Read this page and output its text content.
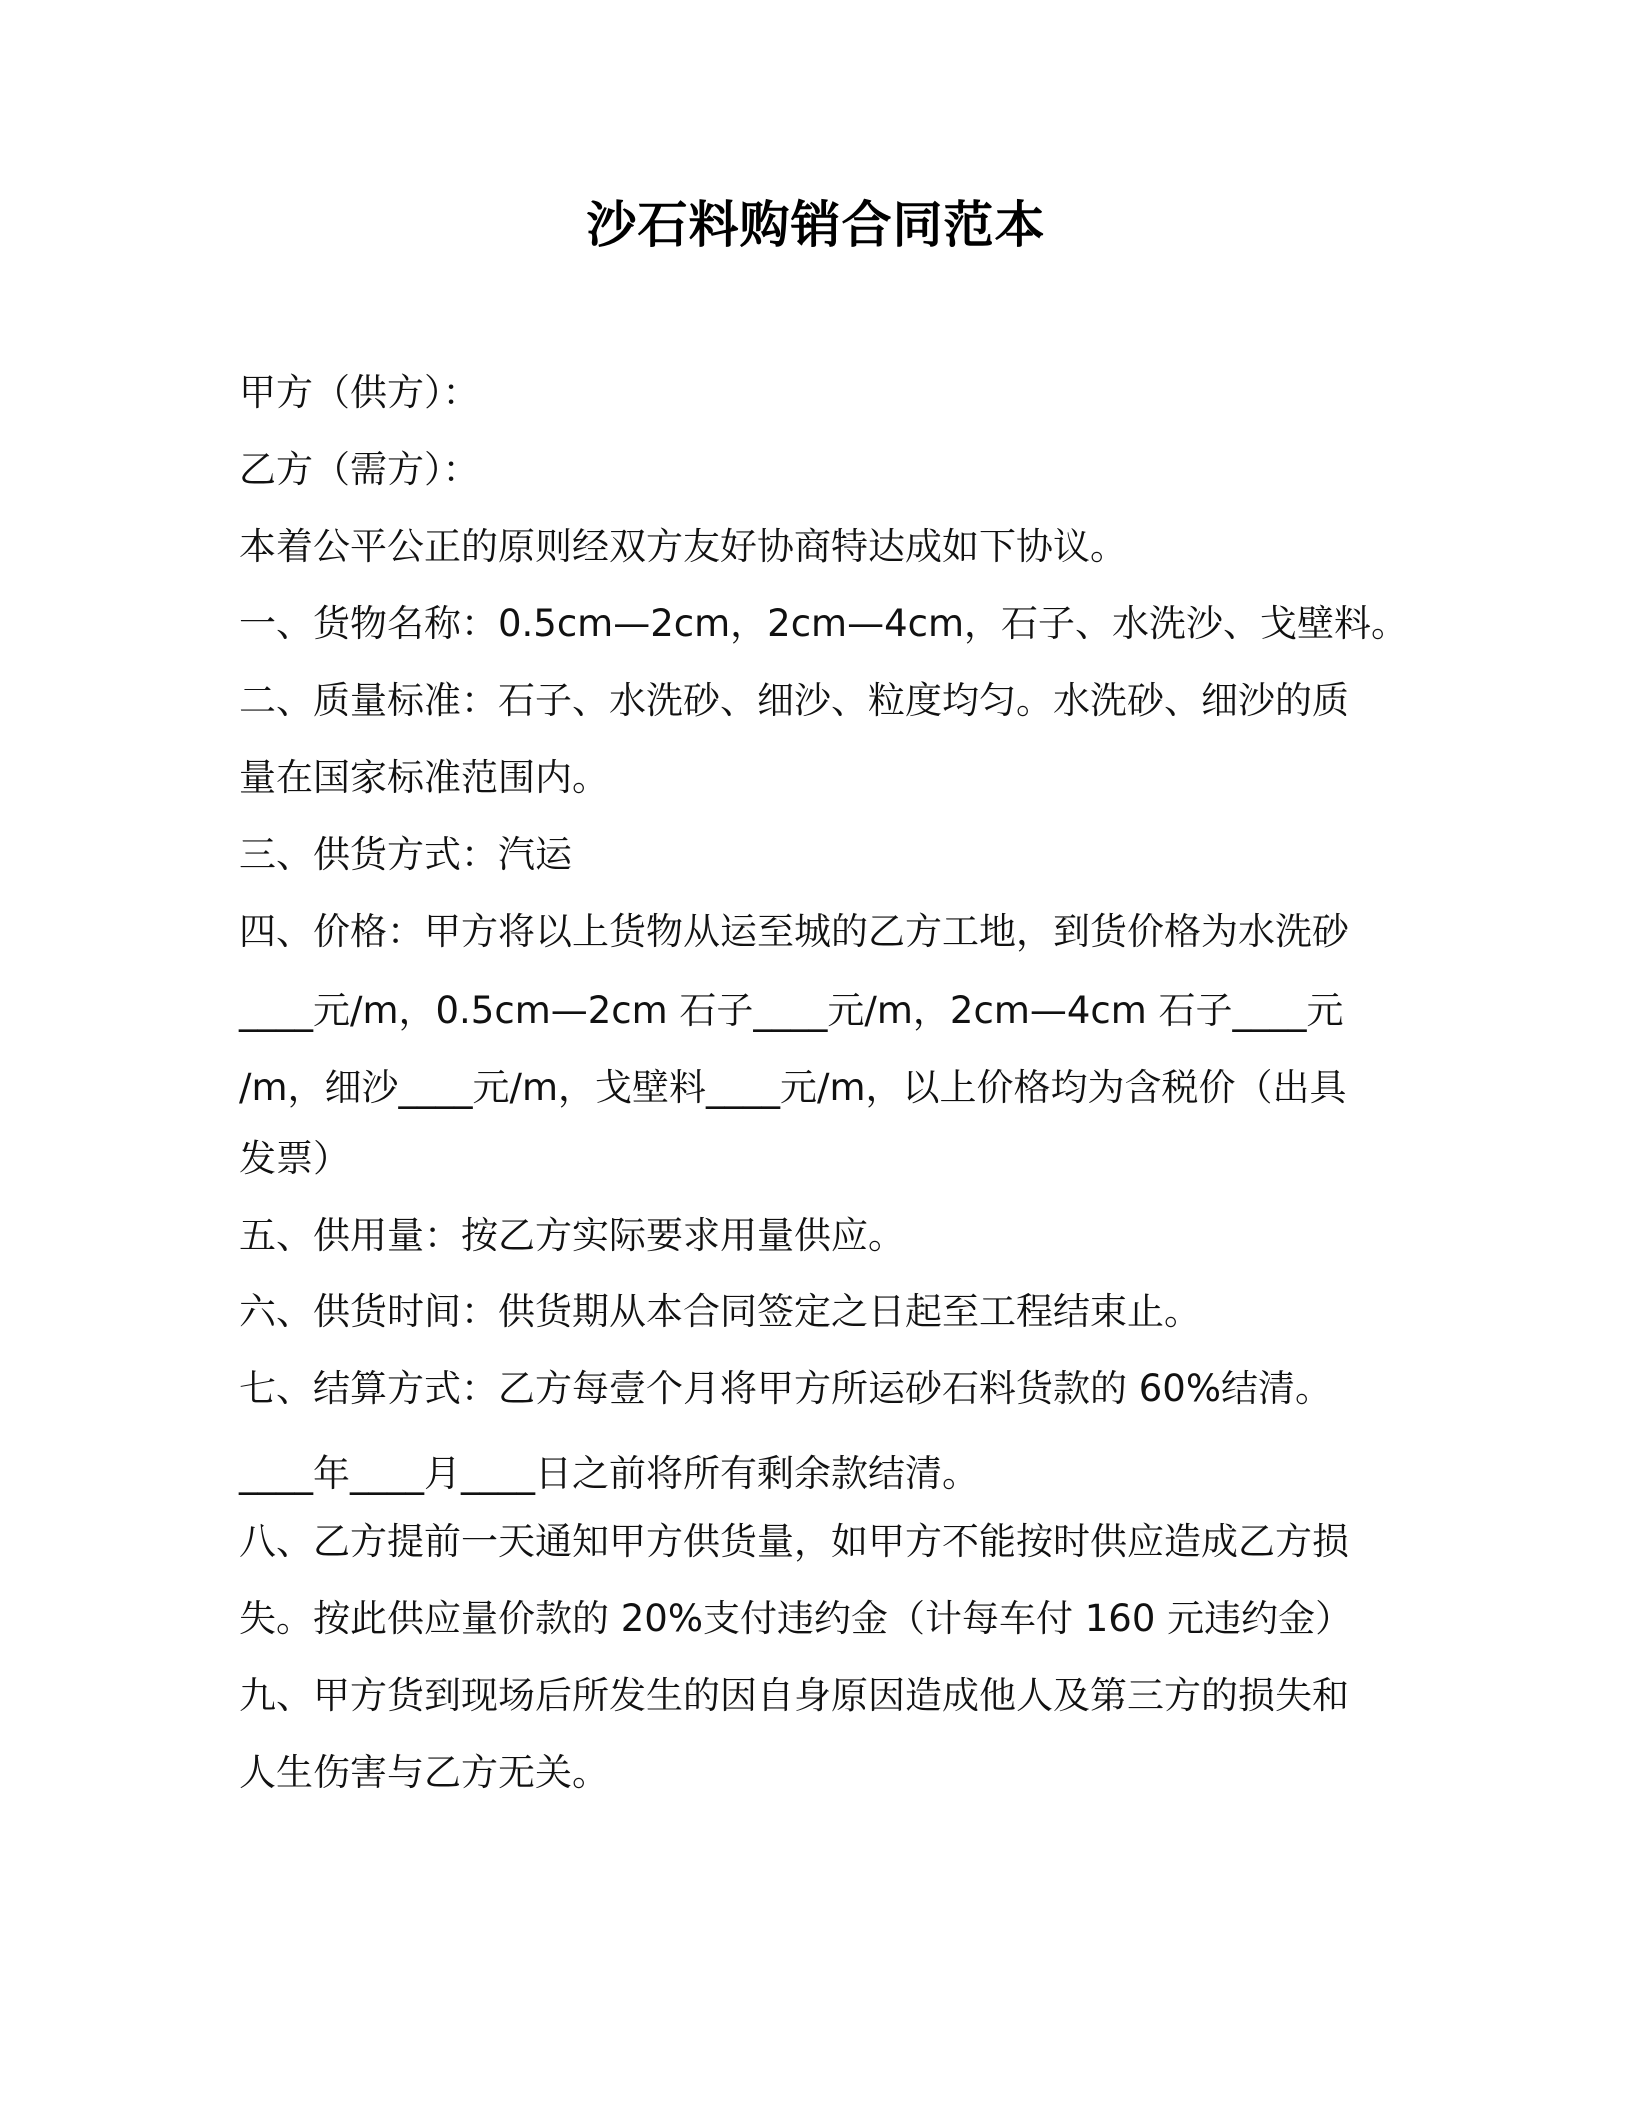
沙石料购销合同范本
甲方（供方）：
乙方（需方）：
本着公平公正的原则经双方友好协商特达成如下协议。
一、货物名称：0.5cm—2cm，2cm—4cm，石子、水洗沙、戈壁料。
二、质量标准：石子、水洗砂、细沙、粒度均匀。水洗砂、细沙的质
量在国家标准范围内。
三、供货方式：汽运
四、价格：甲方将以上货物从运至城的乙方工地，到货价格为水洗砂
____元/m，0.5cm—2cm 石子____元/m，2cm—4cm 石子____元
/m，细沙____元/m，戈壁料____元/m，以上价格均为含税价（出具
发票）
五、供用量：按乙方实际要求用量供应。
六、供货时间：供货期从本合同签定之日起至工程结束止。
七、结算方式：乙方每壹个月将甲方所运砂石料货款的 60%结清。
____年____月____日之前将所有剩余款结清。
八、乙方提前一天通知甲方供货量，如甲方不能按时供应造成乙方损
失。按此供应量价款的 20%支付违约金（计每车付 160 元违约金）
九、甲方货到现场后所发生的因自身原因造成他人及第三方的损失和
人生伤害与乙方无关。
